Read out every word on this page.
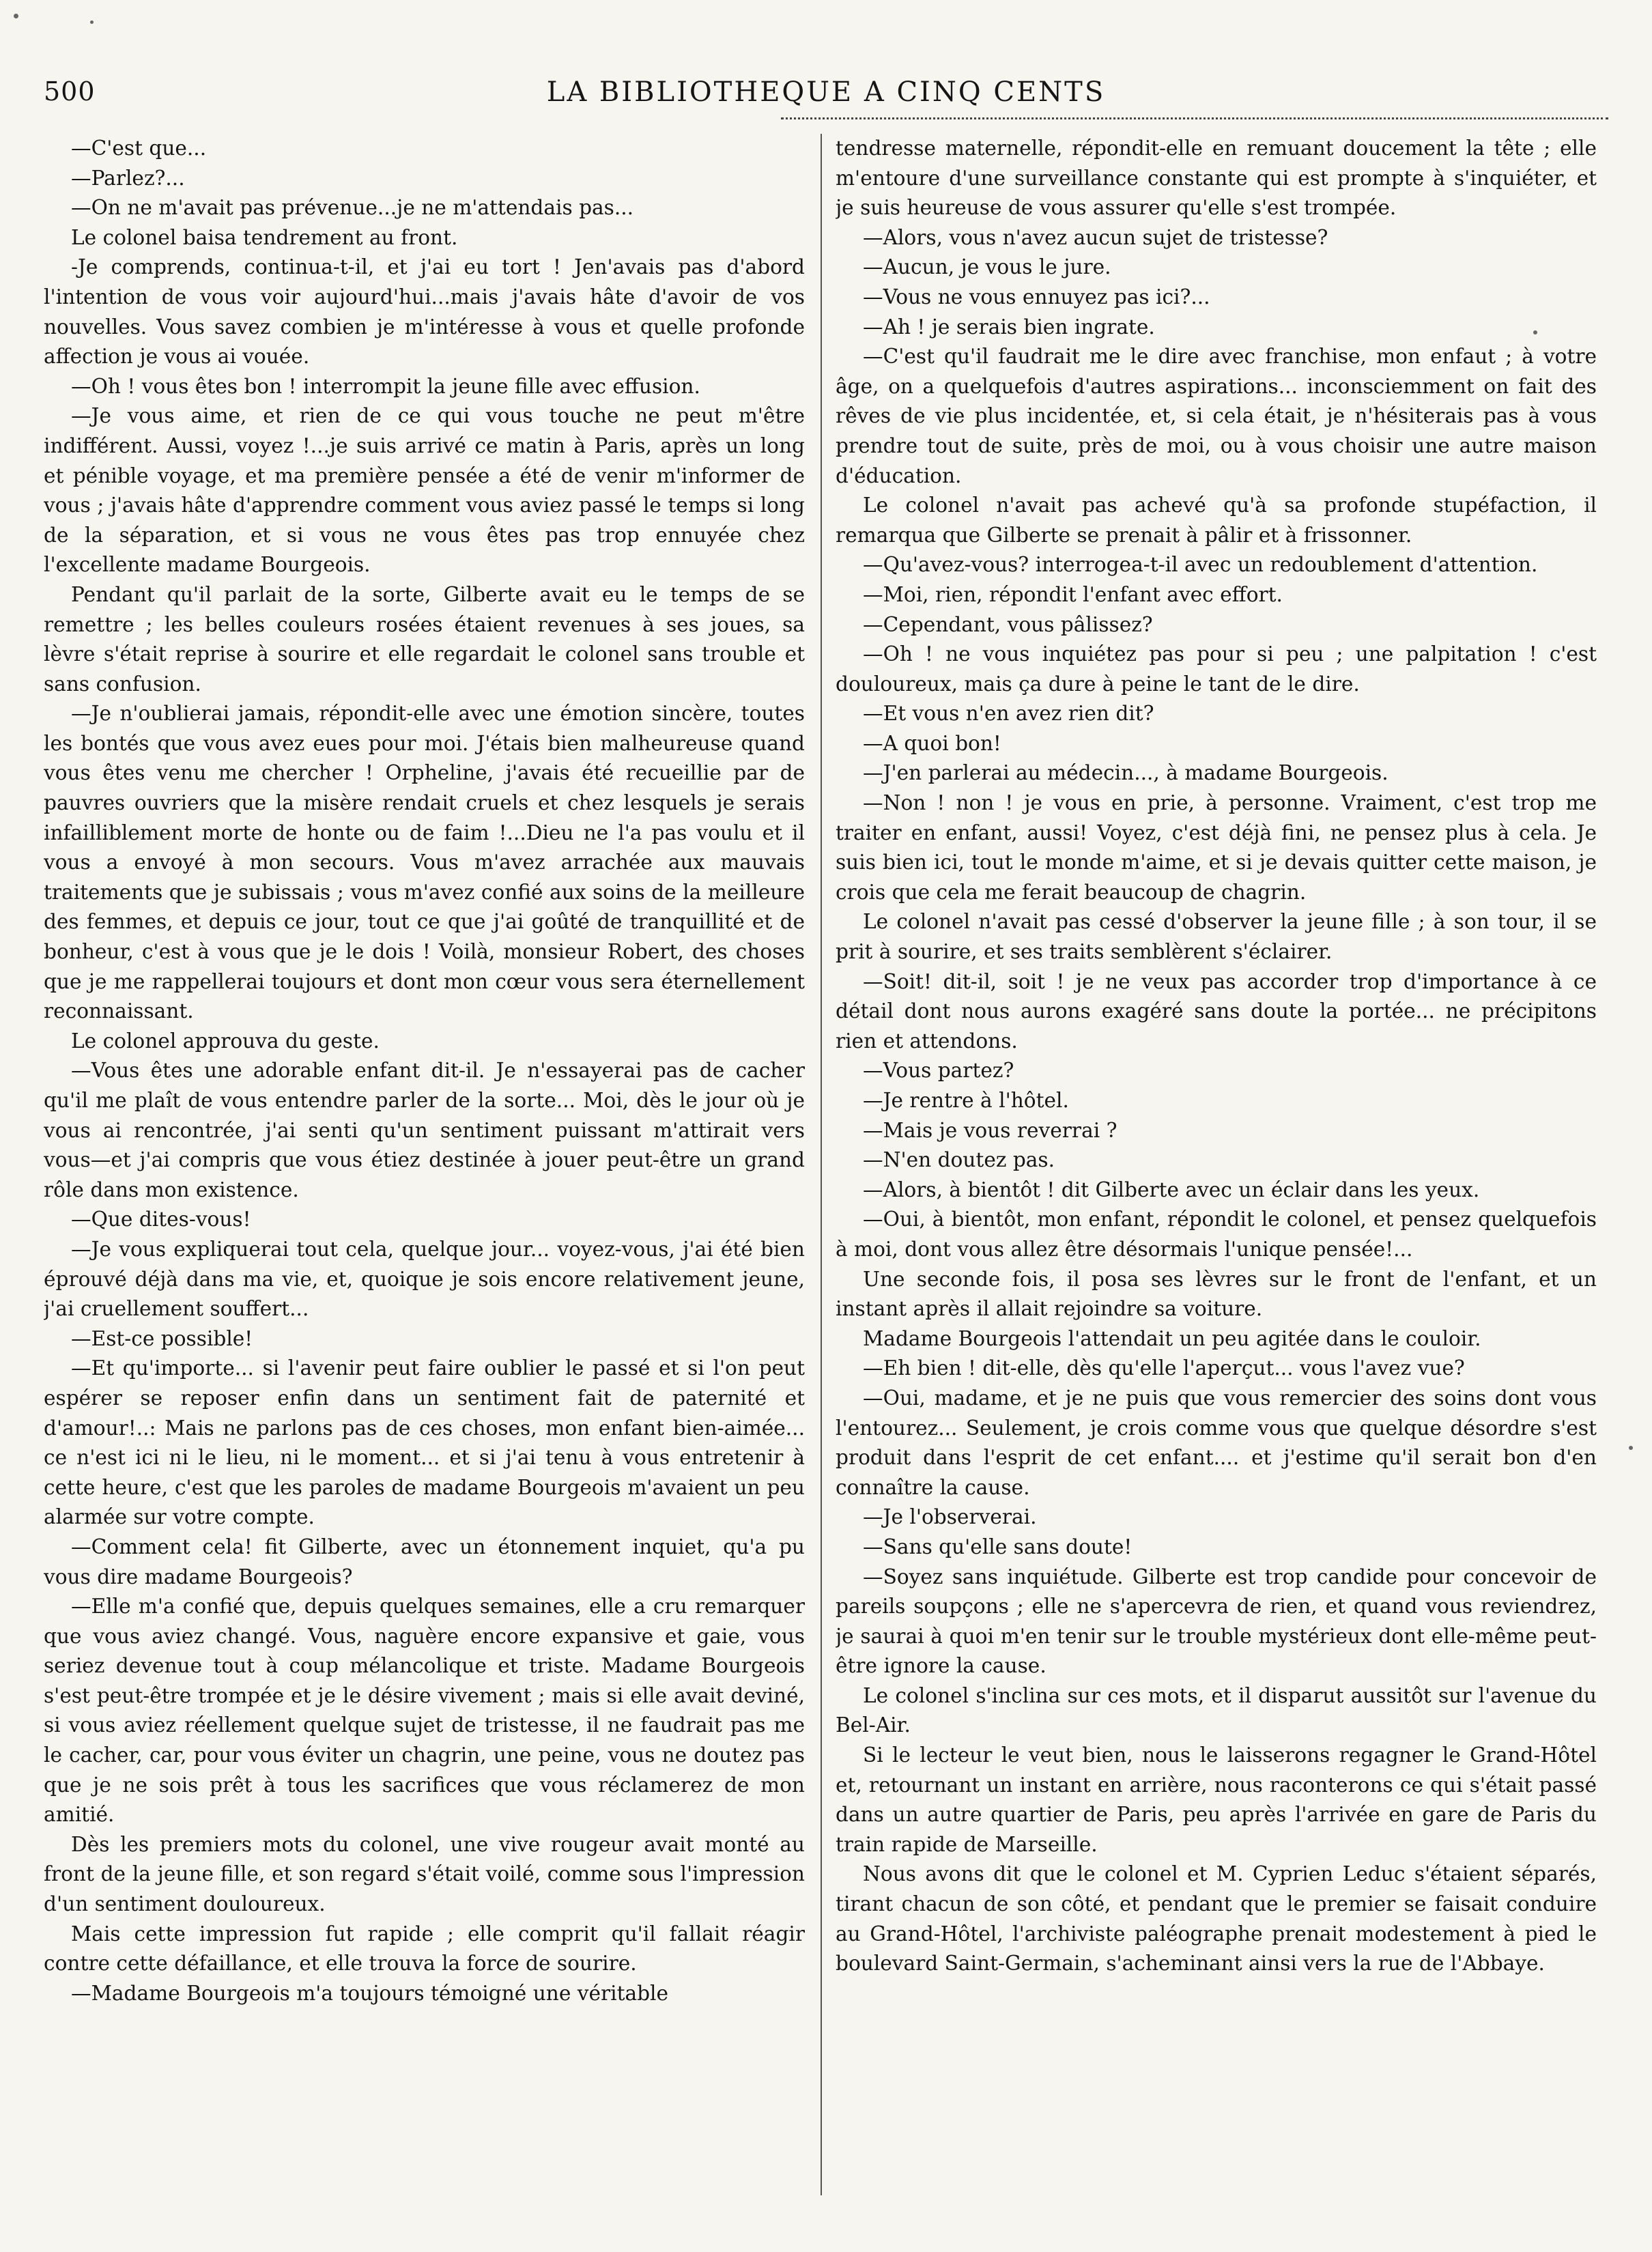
500	LA BIBLIOTHEQUE A CINQ CENTS

—C'est que...

—Parlez?...

—On ne m'avait pas prévenue...je ne m'attendais pas...

Le colonel baisa tendrement au front.

-Je comprends, continua-t-il, et j'ai eu tort ! Jen'avais pas d'abord l'intention de vous voir aujourd'hui...mais j'avais hâte d'avoir de vos nouvelles. Vous savez combien je m'intéresse à vous et quelle profonde affection je vous ai vouée.

—Oh ! vous êtes bon ! interrompit la jeune fille avec effusion.

—Je vous aime, et rien de ce qui vous touche ne peut m'être indifférent. Aussi, voyez !...je suis arrivé ce matin à Paris, après un long et pénible voyage, et ma première pensée a été de venir m'informer de vous ; j'avais hâte d'apprendre comment vous aviez passé le temps si long de la séparation, et si vous ne vous êtes pas trop ennuyée chez l'excellente madame Bourgeois.

Pendant qu'il parlait de la sorte, Gilberte avait eu le temps de se remettre ; les belles couleurs rosées étaient revenues à ses joues, sa lèvre s'était reprise à sourire et elle regardait le colonel sans trouble et sans confusion.

—Je n'oublierai jamais, répondit-elle avec une émotion sincère, toutes les bontés que vous avez eues pour moi. J'étais bien malheureuse quand vous êtes venu me chercher ! Orpheline, j'avais été recueillie par de pauvres ouvriers que la misère rendait cruels et chez lesquels je serais infailliblement morte de honte ou de faim !...Dieu ne l'a pas voulu et il vous a envoyé à mon secours. Vous m'avez arrachée aux mauvais traitements que je subissais ; vous m'avez confié aux soins de la meilleure des femmes, et depuis ce jour, tout ce que j'ai goûté de tranquillité et de bonheur, c'est à vous que je le dois ! Voilà, monsieur Robert, des choses que je me rappellerai toujours et dont mon cœur vous sera éternellement reconnaissant.

Le colonel approuva du geste.

—Vous êtes une adorable enfant dit-il. Je n'essayerai pas de cacher qu'il me plaît de vous entendre parler de la sorte... Moi, dès le jour où je vous ai rencontrée, j'ai senti qu'un sentiment puissant m'attirait vers vous—et j'ai compris que vous étiez destinée à jouer peut-être un grand rôle dans mon existence.

—Que dites-vous!

—Je vous expliquerai tout cela, quelque jour... voyez-vous, j'ai été bien éprouvé déjà dans ma vie, et, quoique je sois encore relativement jeune, j'ai cruellement souffert...

—Est-ce possible!

—Et qu'importe... si l'avenir peut faire oublier le passé et si l'on peut espérer se reposer enfin dans un sentiment fait de paternité et d'amour!..: Mais ne parlons pas de ces choses, mon enfant bien-aimée... ce n'est ici ni le lieu, ni le moment... et si j'ai tenu à vous entretenir à cette heure, c'est que les paroles de madame Bourgeois m'avaient un peu alarmée sur votre compte.

—Comment cela! fit Gilberte, avec un étonnement inquiet, qu'a pu vous dire madame Bourgeois?

—Elle m'a confié que, depuis quelques semaines, elle a cru remarquer que vous aviez changé. Vous, naguère encore expansive et gaie, vous seriez devenue tout à coup mélancolique et triste. Madame Bourgeois s'est peut-être trompée et je le désire vivement ; mais si elle avait deviné, si vous aviez réellement quelque sujet de tristesse, il ne faudrait pas me le cacher, car, pour vous éviter un chagrin, une peine, vous ne doutez pas que je ne sois prêt à tous les sacrifices que vous réclamerez de mon amitié.

Dès les premiers mots du colonel, une vive rougeur avait monté au front de la jeune fille, et son regard s'était voilé, comme sous l'impression d'un sentiment douloureux.

Mais cette impression fut rapide ; elle comprit qu'il fallait réagir contre cette défaillance, et elle trouva la force de sourire.

—Madame Bourgeois m'a toujours témoigné une véritable

tendresse maternelle, répondit-elle en remuant doucement la tête ; elle m'entoure d'une surveillance constante qui est prompte à s'inquiéter, et je suis heureuse de vous assurer qu'elle s'est trompée.

—Alors, vous n'avez aucun sujet de tristesse?

—Aucun, je vous le jure.

—Vous ne vous ennuyez pas ici?...

—Ah ! je serais bien ingrate.

—C'est qu'il faudrait me le dire avec franchise, mon enfaut ; à votre âge, on a quelquefois d'autres aspirations... inconsciemment on fait des rêves de vie plus incidentée, et, si cela était, je n'hésiterais pas à vous prendre tout de suite, près de moi, ou à vous choisir une autre maison d'éducation.

Le colonel n'avait pas achevé qu'à sa profonde stupéfaction, il remarqua que Gilberte se prenait à pâlir et à frissonner.

—Qu'avez-vous? interrogea-t-il avec un redoublement d'attention.

—Moi, rien, répondit l'enfant avec effort.

—Cependant, vous pâlissez?

—Oh ! ne vous inquiétez pas pour si peu ; une palpitation ! c'est douloureux, mais ça dure à peine le tant de le dire.

—Et vous n'en avez rien dit?

—A quoi bon!

—J'en parlerai au médecin..., à madame Bourgeois.

—Non ! non ! je vous en prie, à personne. Vraiment, c'est trop me traiter en enfant, aussi! Voyez, c'est déjà fini, ne pensez plus à cela. Je suis bien ici, tout le monde m'aime, et si je devais quitter cette maison, je crois que cela me ferait beaucoup de chagrin.

Le colonel n'avait pas cessé d'observer la jeune fille ; à son tour, il se prit à sourire, et ses traits semblèrent s'éclairer.

—Soit! dit-il, soit ! je ne veux pas accorder trop d'importance à ce détail dont nous aurons exagéré sans doute la portée... ne précipitons rien et attendons.

—Vous partez?

—Je rentre à l'hôtel.

—Mais je vous reverrai ?

—N'en doutez pas.

—Alors, à bientôt ! dit Gilberte avec un éclair dans les yeux.

—Oui, à bientôt, mon enfant, répondit le colonel, et pensez quelquefois à moi, dont vous allez être désormais l'unique pensée!...

Une seconde fois, il posa ses lèvres sur le front de l'enfant, et un instant après il allait rejoindre sa voiture.

Madame Bourgeois l'attendait un peu agitée dans le couloir.

—Eh bien ! dit-elle, dès qu'elle l'aperçut... vous l'avez vue?

—Oui, madame, et je ne puis que vous remercier des soins dont vous l'entourez... Seulement, je crois comme vous que quelque désordre s'est produit dans l'esprit de cet enfant.... et j'estime qu'il serait bon d'en connaître la cause.

—Je l'observerai.

—Sans qu'elle sans doute!

—Soyez sans inquiétude. Gilberte est trop candide pour concevoir de pareils soupçons ; elle ne s'apercevra de rien, et quand vous reviendrez, je saurai à quoi m'en tenir sur le trouble mystérieux dont elle-même peut-être ignore la cause.

Le colonel s'inclina sur ces mots, et il disparut aussitôt sur l'avenue du Bel-Air.

Si le lecteur le veut bien, nous le laisserons regagner le Grand-Hôtel et, retournant un instant en arrière, nous raconterons ce qui s'était passé dans un autre quartier de Paris, peu après l'arrivée en gare de Paris du train rapide de Marseille.

Nous avons dit que le colonel et M. Cyprien Leduc s'étaient séparés, tirant chacun de son côté, et pendant que le premier se faisait conduire au Grand-Hôtel, l'archiviste paléographe prenait modestement à pied le boulevard Saint-Germain, s'acheminant ainsi vers la rue de l'Abbaye.
